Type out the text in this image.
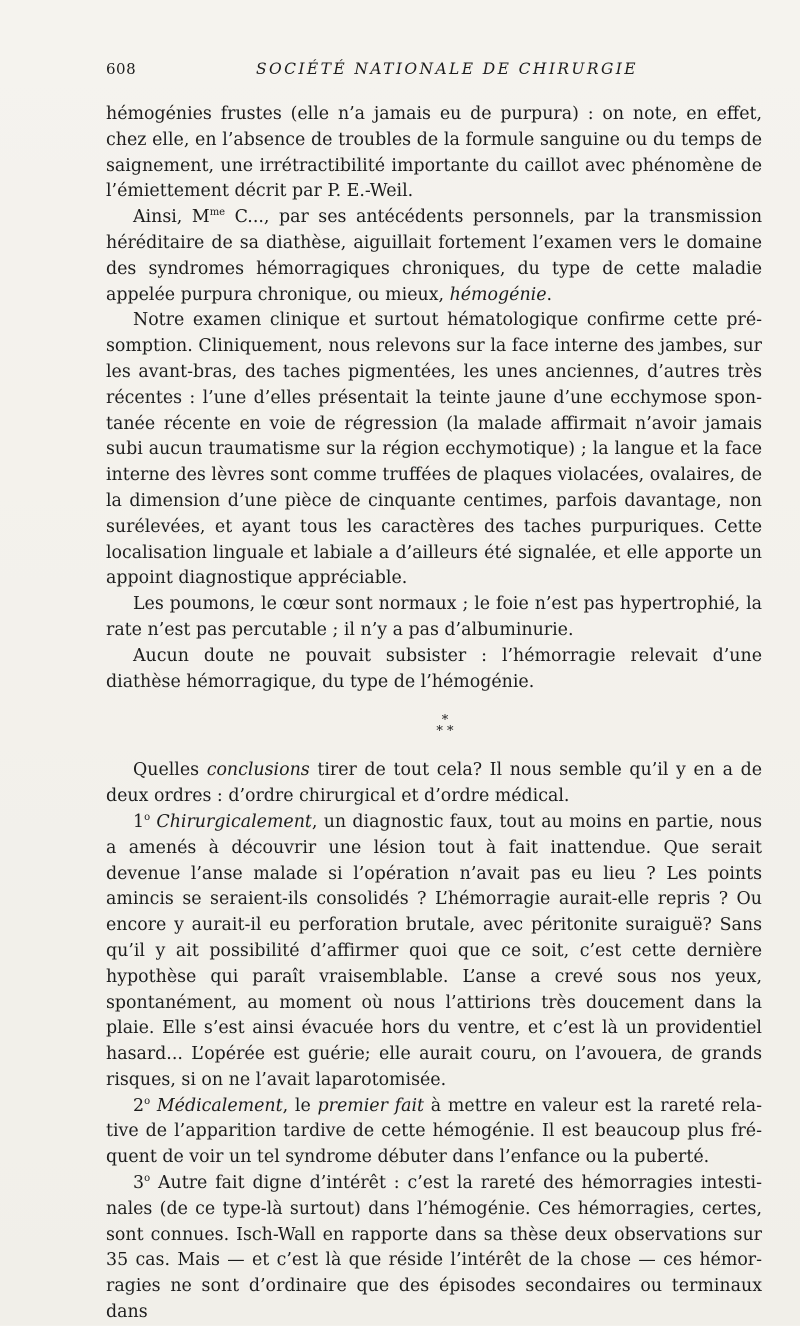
608	SOCIÉTÉ NATIONALE DE CHIRURGIE

hémogénies frustes (elle n’a jamais eu de purpura) : on note, en effet, chez elle, en l’absence de troubles de la formule sanguine ou du temps de saignement, une irrétractibilité importante du caillot avec phénomène de l’émiettement décrit par P. E.-Weil.

Ainsi, $M^{me}$ C..., par ses antécédents personnels, par la transmission héréditaire de sa diathèse, aiguillait fortement l’examen vers le domaine des syndromes hémorragiques chroniques, du type de cette maladie appelée purpura chronique, ou mieux, hémogénie.

Notre examen clinique et surtout hématologique confirme cette présomption. Cliniquement, nous relevons sur la face interne des jambes, sur les avant-bras, des taches pigmentées, les unes anciennes, d’autres très récentes : l’une d’elles présentait la teinte jaune d’une ecchymose spontanée récente en voie de régression (la malade affirmait n’avoir jamais subi aucun traumatisme sur la région ecchymotique) ; la langue et la face interne des lèvres sont comme truffées de plaques violacées, ovalaires, de la dimension d’une pièce de cinquante centimes, parfois davantage, non surélevées, et ayant tous les caractères des taches purpuriques. Cette localisation linguale et labiale a d’ailleurs été signalée, et elle apporte un appoint diagnostique appréciable.

Les poumons, le cœur sont normaux ; le foie n’est pas hypertrophié, la rate n’est pas percutable ; il n’y a pas d’albuminurie.

Aucun doute ne pouvait subsister : l’hémorragie relevait d’une diathèse hémorragique, du type de l’hémogénie.

*
* *

Quelles conclusions tirer de tout cela? Il nous semble qu’il y en a de deux ordres : d’ordre chirurgical et d’ordre médical.

1$^o$ Chirurgicalement, un diagnostic faux, tout au moins en partie, nous a amenés à découvrir une lésion tout à fait inattendue. Que serait devenue l’anse malade si l’opération n’avait pas eu lieu ? Les points amincis se seraient-ils consolidés ? L’hémorragie aurait-elle repris ? Ou encore y aurait-il eu perforation brutale, avec péritonite suraiguë? Sans qu’il y ait possibilité d’affirmer quoi que ce soit, c’est cette dernière hypothèse qui paraît vraisemblable. L’anse a crevé sous nos yeux, spontanément, au moment où nous l’attirions très doucement dans la plaie. Elle s’est ainsi évacuée hors du ventre, et c’est là un providentiel hasard... L’opérée est guérie; elle aurait couru, on l’avouera, de grands risques, si on ne l’avait laparotomisée.

2$^o$ Médicalement, le premier fait à mettre en valeur est la rareté relative de l’apparition tardive de cette hémogénie. Il est beaucoup plus fréquent de voir un tel syndrome débuter dans l’enfance ou la puberté.

3$^o$ Autre fait digne d’intérêt : c’est la rareté des hémorragies intestinales (de ce type-là surtout) dans l’hémogénie. Ces hémorragies, certes, sont connues. Isch-Wall en rapporte dans sa thèse deux observations sur 35 cas. Mais — et c’est là que réside l’intérêt de la chose — ces hémorragies ne sont d’ordinaire que des épisodes secondaires ou terminaux dans
